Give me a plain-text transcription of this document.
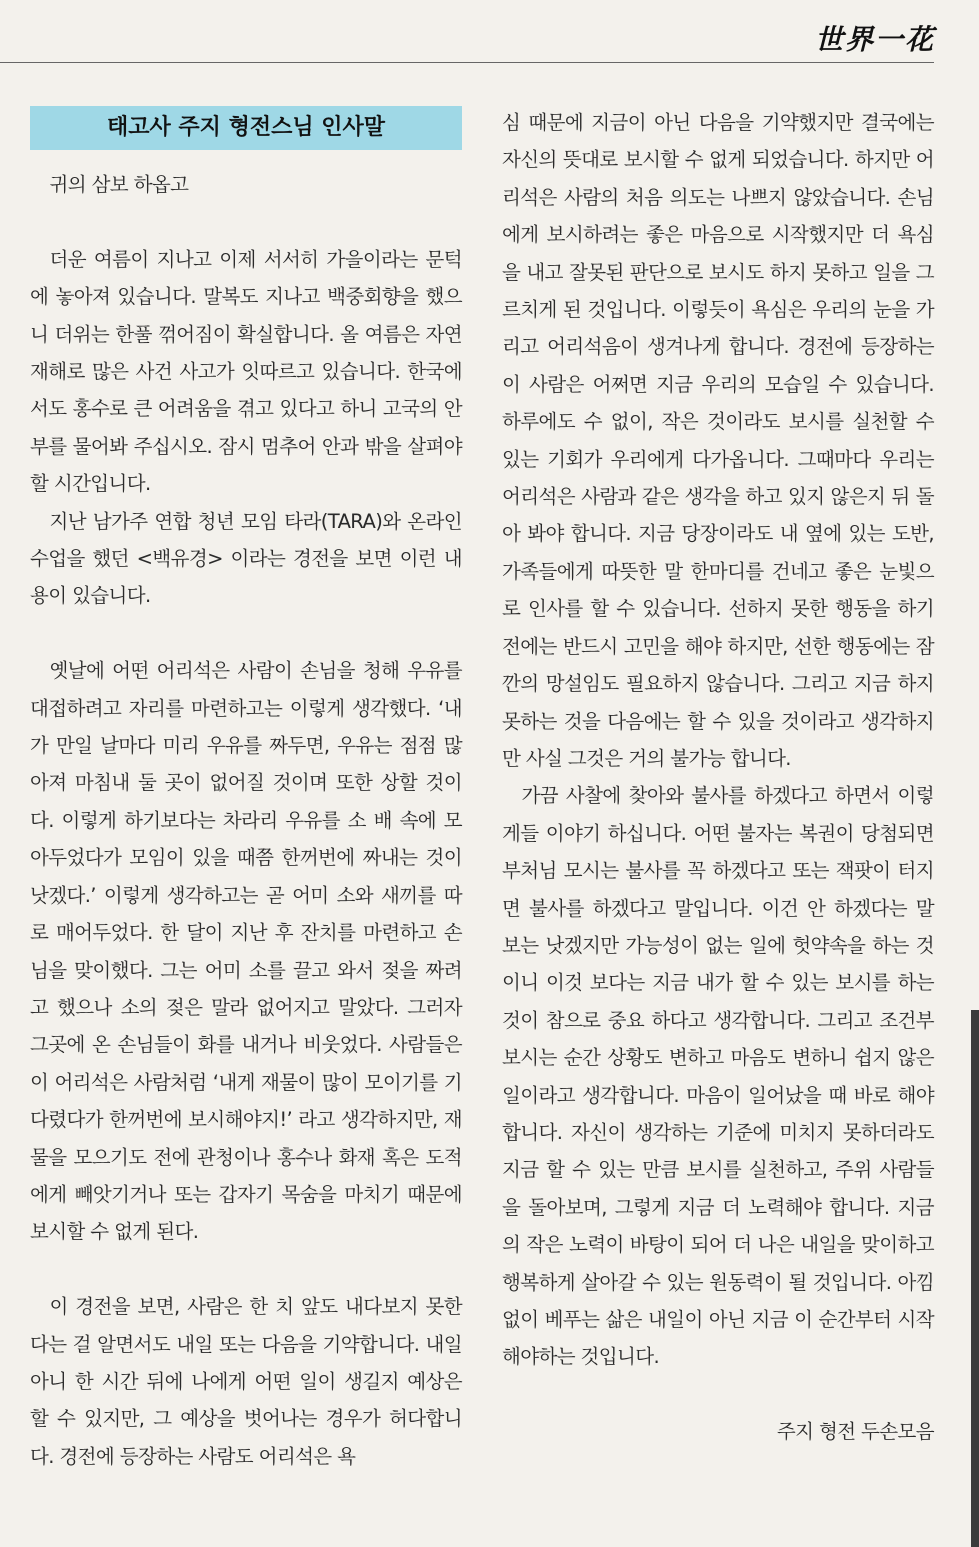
世界一花
태고사 주지 형전스님 인사말

귀의 삼보 하옵고

더운 여름이 지나고 이제 서서히 가을이라는 문턱에 놓아져 있습니다. 말복도 지나고 백중회향을 했으니 더위는 한풀 꺾어짐이 확실합니다. 올 여름은 자연 재해로 많은 사건 사고가 잇따르고 있습니다. 한국에서도 홍수로 큰 어려움을 겪고 있다고 하니 고국의 안부를 물어봐 주십시오. 잠시 멈추어 안과 밖을 살펴야 할 시간입니다.

지난 남가주 연합 청년 모임 타라(TARA)와 온라인 수업을 했던 <백유경> 이라는 경전을 보면 이런 내용이 있습니다.

옛날에 어떤 어리석은 사람이 손님을 청해 우유를 대접하려고 자리를 마련하고는 이렇게 생각했다. ‘내가 만일 날마다 미리 우유를 짜두면, 우유는 점점 많아져 마침내 둘 곳이 없어질 것이며 또한 상할 것이다. 이렇게 하기보다는 차라리 우유를 소 배 속에 모아두었다가 모임이 있을 때쯤 한꺼번에 짜내는 것이 낫겠다.’ 이렇게 생각하고는 곧 어미 소와 새끼를 따로 매어두었다. 한 달이 지난 후 잔치를 마련하고 손님을 맞이했다. 그는 어미 소를 끌고 와서 젖을 짜려고 했으나 소의 젖은 말라 없어지고 말았다. 그러자 그곳에 온 손님들이 화를 내거나 비웃었다. 사람들은 이 어리석은 사람처럼 ‘내게 재물이 많이 모이기를 기다렸다가 한꺼번에 보시해야지!’ 라고 생각하지만, 재물을 모으기도 전에 관청이나 홍수나 화재 혹은 도적에게 빼앗기거나 또는 갑자기 목숨을 마치기 때문에 보시할 수 없게 된다.

이 경전을 보면, 사람은 한 치 앞도 내다보지 못한다는 걸 알면서도 내일 또는 다음을 기약합니다. 내일 아니 한 시간 뒤에 나에게 어떤 일이 생길지 예상은 할 수 있지만, 그 예상을 벗어나는 경우가 허다합니다. 경전에 등장하는 사람도 어리석은 욕

심 때문에 지금이 아닌 다음을 기약했지만 결국에는 자신의 뜻대로 보시할 수 없게 되었습니다. 하지만 어리석은 사람의 처음 의도는 나쁘지 않았습니다. 손님에게 보시하려는 좋은 마음으로 시작했지만 더 욕심을 내고 잘못된 판단으로 보시도 하지 못하고 일을 그르치게 된 것입니다. 이렇듯이 욕심은 우리의 눈을 가리고 어리석음이 생겨나게 합니다. 경전에 등장하는 이 사람은 어쩌면 지금 우리의 모습일 수 있습니다. 하루에도 수 없이, 작은 것이라도 보시를 실천할 수 있는 기회가 우리에게 다가옵니다. 그때마다 우리는 어리석은 사람과 같은 생각을 하고 있지 않은지 뒤 돌아 봐야 합니다. 지금 당장이라도 내 옆에 있는 도반, 가족들에게 따뜻한 말 한마디를 건네고 좋은 눈빛으로 인사를 할 수 있습니다. 선하지 못한 행동을 하기 전에는 반드시 고민을 해야 하지만, 선한 행동에는 잠깐의 망설임도 필요하지 않습니다. 그리고 지금 하지 못하는 것을 다음에는 할 수 있을 것이라고 생각하지만 사실 그것은 거의 불가능 합니다.

가끔 사찰에 찾아와 불사를 하겠다고 하면서 이렇게들 이야기 하십니다. 어떤 불자는 복권이 당첨되면 부처님 모시는 불사를 꼭 하겠다고 또는 잭팟이 터지면 불사를 하겠다고 말입니다. 이건 안 하겠다는 말 보는 낫겠지만 가능성이 없는 일에 헛약속을 하는 것이니 이것 보다는 지금 내가 할 수 있는 보시를 하는 것이 참으로 중요 하다고 생각합니다. 그리고 조건부 보시는 순간 상황도 변하고 마음도 변하니 쉽지 않은 일이라고 생각합니다. 마음이 일어났을 때 바로 해야 합니다. 자신이 생각하는 기준에 미치지 못하더라도 지금 할 수 있는 만큼 보시를 실천하고, 주위 사람들을 돌아보며, 그렇게 지금 더 노력해야 합니다. 지금의 작은 노력이 바탕이 되어 더 나은 내일을 맞이하고 행복하게 살아갈 수 있는 원동력이 될 것입니다. 아낌없이 베푸는 삶은 내일이 아닌 지금 이 순간부터 시작해야하는 것입니다.

주지 형전 두손모음
